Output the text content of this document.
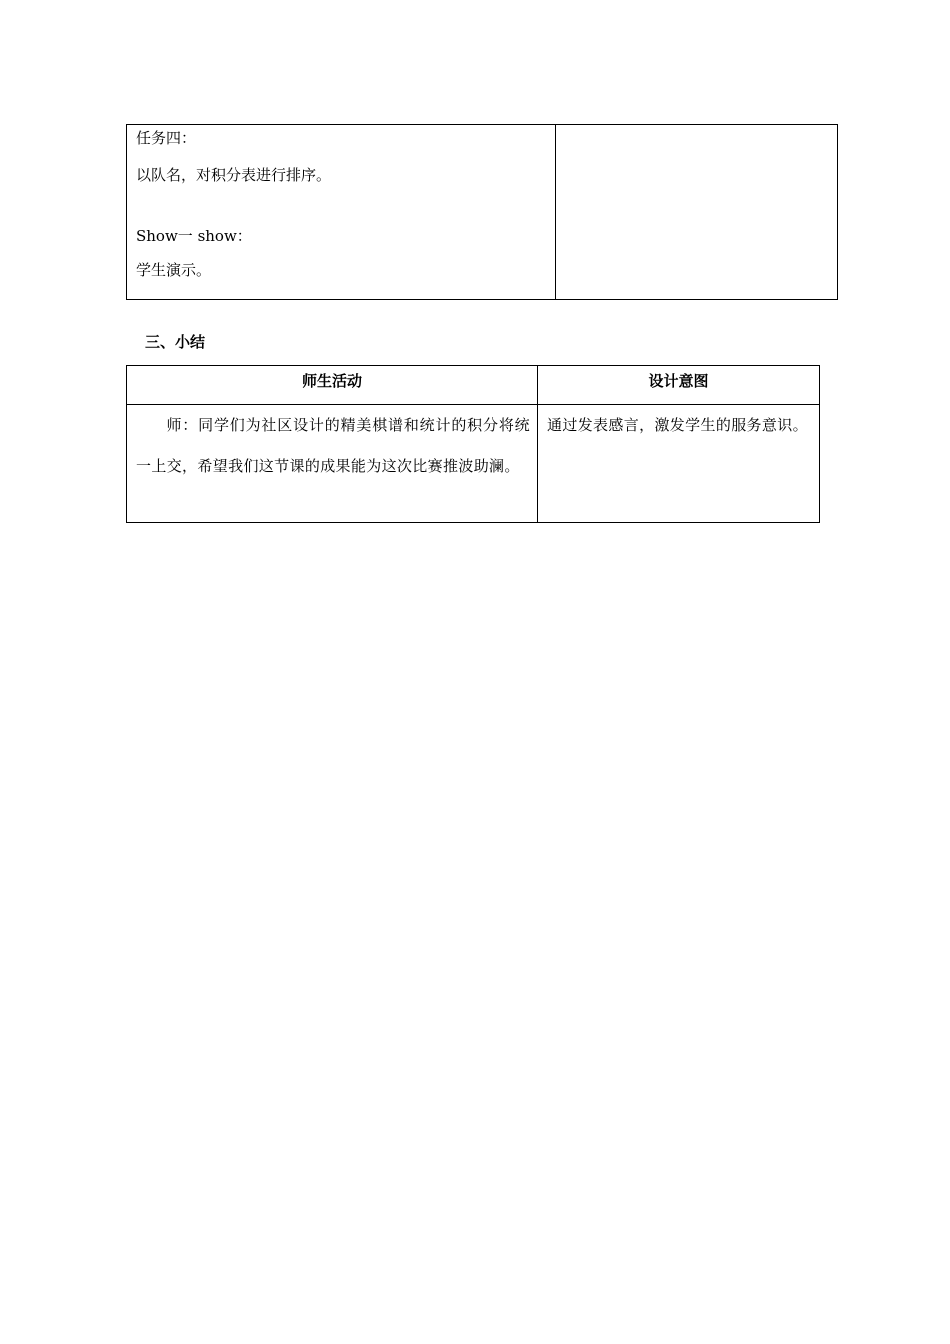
任务四：
以队名，对积分表进行排序。
Show一 show：
学生演示。

三、小结
师生活动	设计意图
师：同学们为社区设计的精美棋谱和统计的积分将统一上交，希望我们这节课的成果能为这次比赛推波助澜。	通过发表感言，激发学生的服务意识。
